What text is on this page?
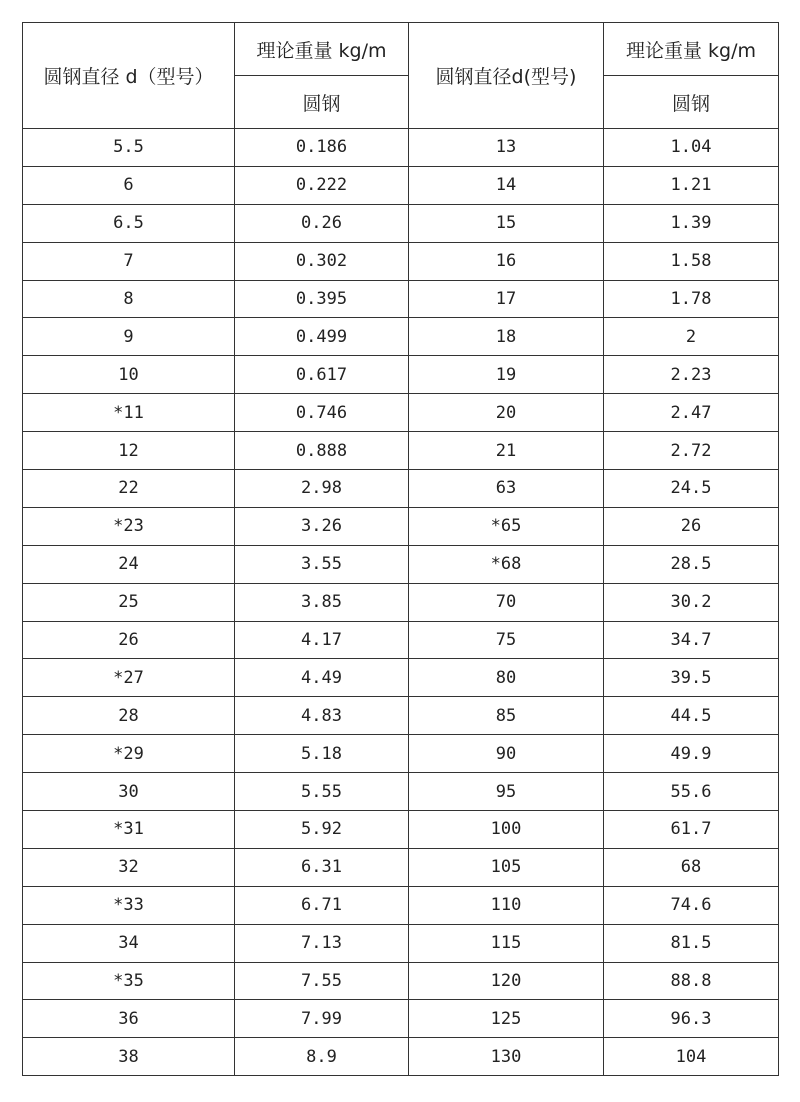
圆钢直径 d（型号）	理论重量 kg/m	圆钢直径d(型号)	理论重量 kg/m
	圆钢		圆钢
5.5	0.186	13	1.04
6	0.222	14	1.21
6.5	0.26	15	1.39
7	0.302	16	1.58
8	0.395	17	1.78
9	0.499	18	2
10	0.617	19	2.23
*11	0.746	20	2.47
12	0.888	21	2.72
22	2.98	63	24.5
*23	3.26	*65	26
24	3.55	*68	28.5
25	3.85	70	30.2
26	4.17	75	34.7
*27	4.49	80	39.5
28	4.83	85	44.5
*29	5.18	90	49.9
30	5.55	95	55.6
*31	5.92	100	61.7
32	6.31	105	68
*33	6.71	110	74.6
34	7.13	115	81.5
*35	7.55	120	88.8
36	7.99	125	96.3
38	8.9	130	104
